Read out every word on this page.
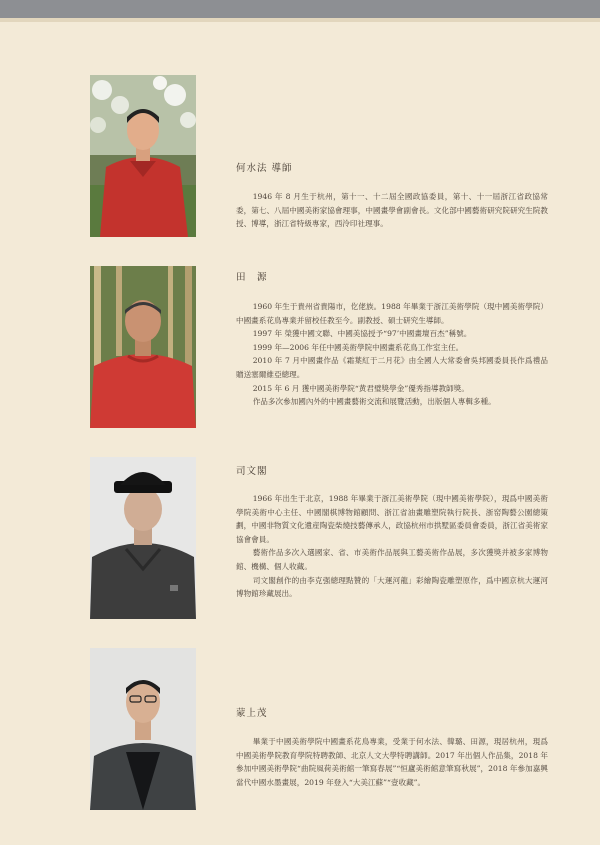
何水法 導師

1946 年 8 月生于杭州，第十一、十二屆全國政協委員，第十、十一屆浙江省政協常委，第七、八屆中國美術家協會理事，中國畫學會副會長。文化部中國藝術研究院研究生院教授、博導，浙江省特級專家，西泠印社理事。

田　源

1960 年生于貴州省貴陽市，仡佬族。1988 年畢業于浙江美術學院（現中國美術學院）中國畫系花鳥專業并留校任教至今。副教授、碩士研究生導師。

1997 年 榮獲中國文聯、中國美協授予“97’中國畫壇百杰”稱號。

1999 年—2006 年任中國美術學院中國畫系花鳥工作室主任。

2010 年 7 月中國畫作品《霜葉紅于二月花》由全國人大常委會吳邦國委員長作爲禮品贈送塞爾維亞總理。

2015 年 6 月 獲中國美術學院“黄君璧獎學金”優秀指導教師獎。

作品多次參加國內外的中國畫藝術交流和展覽活動，出版個人專輯多種。

司文閣

1966 年出生于北京，1988 年畢業于浙江美術學院（現中國美術學院），現爲中國美術學院美術中心主任、中國閣棋博物館顧問、浙江省油畫雕塑院執行院長、浙窑陶藝公園總策劃，中國非物質文化遺産陶瓷柴燒技藝傳承人，政協杭州市拱墅區委員會委員，浙江省美術家協會會員。

藝術作品多次入選國家、省、市美術作品展與工藝美術作品展，多次獲獎并被多家博物館、機構、個人收藏。

司文閣創作的由李克强總理點贊的「大運河龍」彩繪陶瓷雕塑原作，爲中國京杭大運河博物館珍藏展出。

蒙上茂

畢業于中國美術學院中國畫系花鳥專業，受業于何水法、韓璐、田源，現居杭州，現爲中國美術學院教育學院特聘教師、北京人文大學特聘講師。2017 年出個人作品集，2018 年參加中國美術學院“曲院風荷美術館一筆寫春展”“恒廬美術館意筆寫秋展”，2018 年參加嘉興當代中國水墨畫展，2019 年登入“大美江蘇”“壹收藏”。
